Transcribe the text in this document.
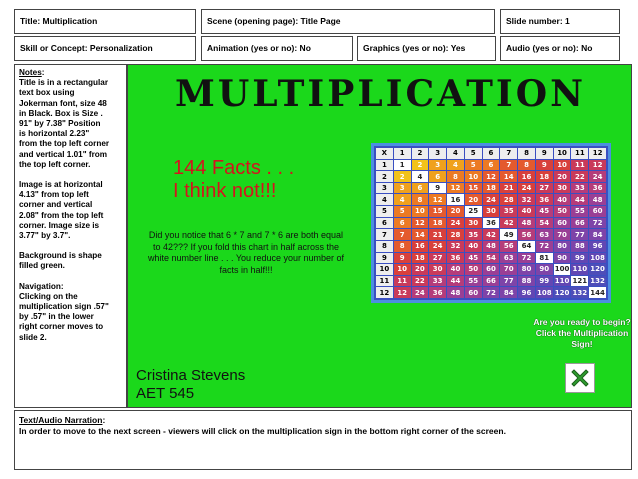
Title: Multiplication	Scene (opening page): Title Page	Slide number: 1
Skill or Concept: Personalization	Animation (yes or no): No	Graphics (yes or no): Yes	Audio (yes or no): No

Notes:
Title is in a rectangular
text box using
Jokerman font, size 48
in Black. Box is Size .
91" by 7.38" Position
is horizontal 2.23"
from the top left corner
and vertical 1.01" from
the top left corner.

Image is at horizontal
4.13" from top left
corner and vertical
2.08" from the top left
corner. Image size is
3.77" by 3.7".

Background is shape
filled green.

Navigation:
Clicking on the
multiplication sign .57"
by .57" in the lower
right corner moves to
slide 2.

MULTIPLICATION
144 Facts . . .
I think not!!!
Did you notice that 6 * 7 and 7 * 6 are both equal to 42??? If you fold this chart in half across the white number line . . . You reduce your number of facts in half!!!
Cristina Stevens
AET 545
X	1	2	3	4	5	6	7	8	9	10	11	12
1	1	2	3	4	5	6	7	8	9	10	11	12
2	2	4	6	8	10	12	14	16	18	20	22	24
3	3	6	9	12	15	18	21	24	27	30	33	36
4	4	8	12	16	20	24	28	32	36	40	44	48
5	5	10	15	20	25	30	35	40	45	50	55	60
6	6	12	18	24	30	36	42	48	54	60	66	72
7	7	14	21	28	35	42	49	56	63	70	77	84
8	8	16	24	32	40	48	56	64	72	80	88	96
9	9	18	27	36	45	54	63	72	81	90	99 108
10	10	20	30	40	50	60	70	80	90 100 110 120
11	11	22	33	44	55	66	77	88	99 110 121 132
12	12	24	36	48	60	72	84	96 108 120 132 144
Are you ready to begin? Click the Multiplication Sign!
Text/Audio Narration:
In order to move to the next screen - viewers will click on the multiplication sign in the bottom right corner of the screen.
